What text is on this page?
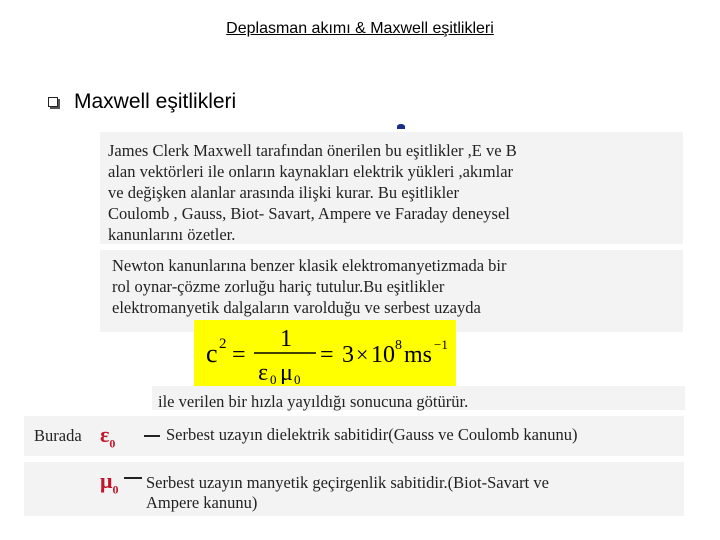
Deplasman akımı & Maxwell eşitlikleri
Maxwell eşitlikleri

James Clerk Maxwell tarafından önerilen bu eşitlikler ,E ve B
alan vektörleri ile onların kaynakları elektrik yükleri ,akımlar
ve değişken alanlar arasında ilişki kurar. Bu eşitlikler
Coulomb , Gauss, Biot- Savart, Ampere ve Faraday deneysel
kanunlarını özetler.

Newton kanunlarına benzer klasik elektromanyetizmada bir
rol oynar-çözme zorluğu hariç tutulur.Bu eşitlikler
elektromanyetik dalgaların varolduğu ve serbest uzayda

c 2 =
1
ε 0 μ 0
= 3 × 10 8 ms −1

ile verilen bir hızla yayıldığı sonucuna götürür.

Burada $\varepsilon_0$	Serbest uzayın dielektrik sabitidir(Gauss ve Coulomb kanunu)
$\mu_0$ Serbest uzayın manyetik geçirgenlik sabitidir.(Biot-Savart ve
Ampere kanunu)
